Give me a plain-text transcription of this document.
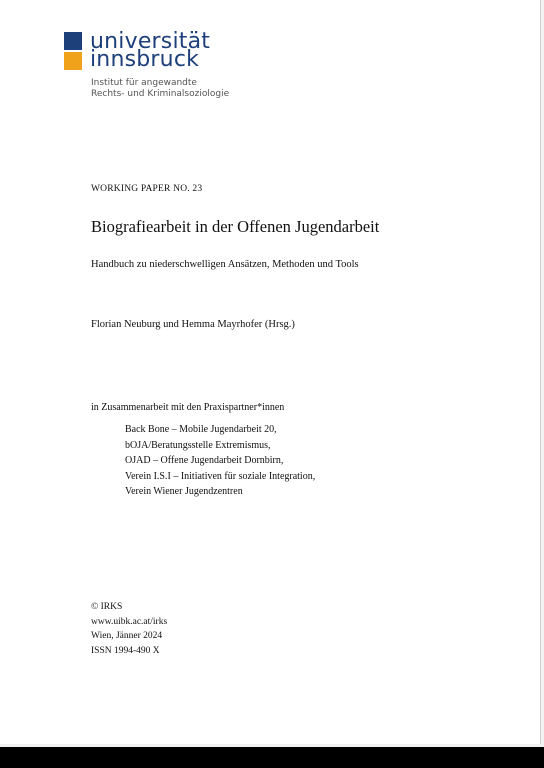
universität
innsbruck
Institut für angewandte
Rechts- und Kriminalsoziologie
WORKING PAPER NO. 23
Biografiearbeit in der Offenen Jugendarbeit
Handbuch zu niederschwelligen Ansätzen, Methoden und Tools
Florian Neuburg und Hemma Mayrhofer (Hrsg.)
in Zusammenarbeit mit den Praxispartner*innen
Back Bone – Mobile Jugendarbeit 20,
bOJA/Beratungsstelle Extremismus,
OJAD – Offene Jugendarbeit Dornbirn,
Verein I.S.I – Initiativen für soziale Integration,
Verein Wiener Jugendzentren
© IRKS
www.uibk.ac.at/irks
Wien, Jänner 2024
ISSN 1994-490 X
